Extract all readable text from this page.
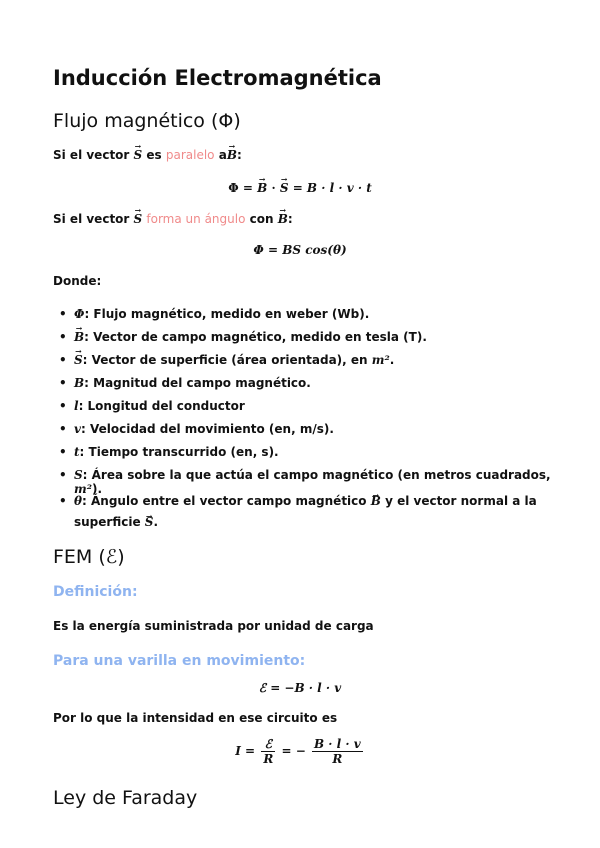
Inducción Electromagnética
Flujo magnético (Φ)
Si el vector → S es paralelo a→ B:
Φ = → B · → S = B · l · v · t
Si el vector → S forma un ángulo con → B:
Φ = BS cos(θ)
Donde:
• Φ: Flujo magnético, medido en weber (Wb).
• → B: Vector de campo magnético, medido en tesla (T).
• → S: Vector de superficie (área orientada), en m².
• B: Magnitud del campo magnético.
• l: Longitud del conductor
• v: Velocidad del movimiento (en, m/s).
• t: Tiempo transcurrido (en, s).
• S: Área sobre la que actúa el campo magnético (en metros cuadrados, m²).
• θ: Ángulo entre el vector campo magnético → B y el vector normal a la superficie → S.
FEM (ℰ)
Definición:
Es la energía suministrada por unidad de carga
Para una varilla en movimiento:
ℰ = −B · l · v
Por lo que la intensidad en ese circuito es
$I = \frac{\text{ℰ}}{R}$ = − $\frac{B \cdot l \cdot v}{R}$
Ley de Faraday
